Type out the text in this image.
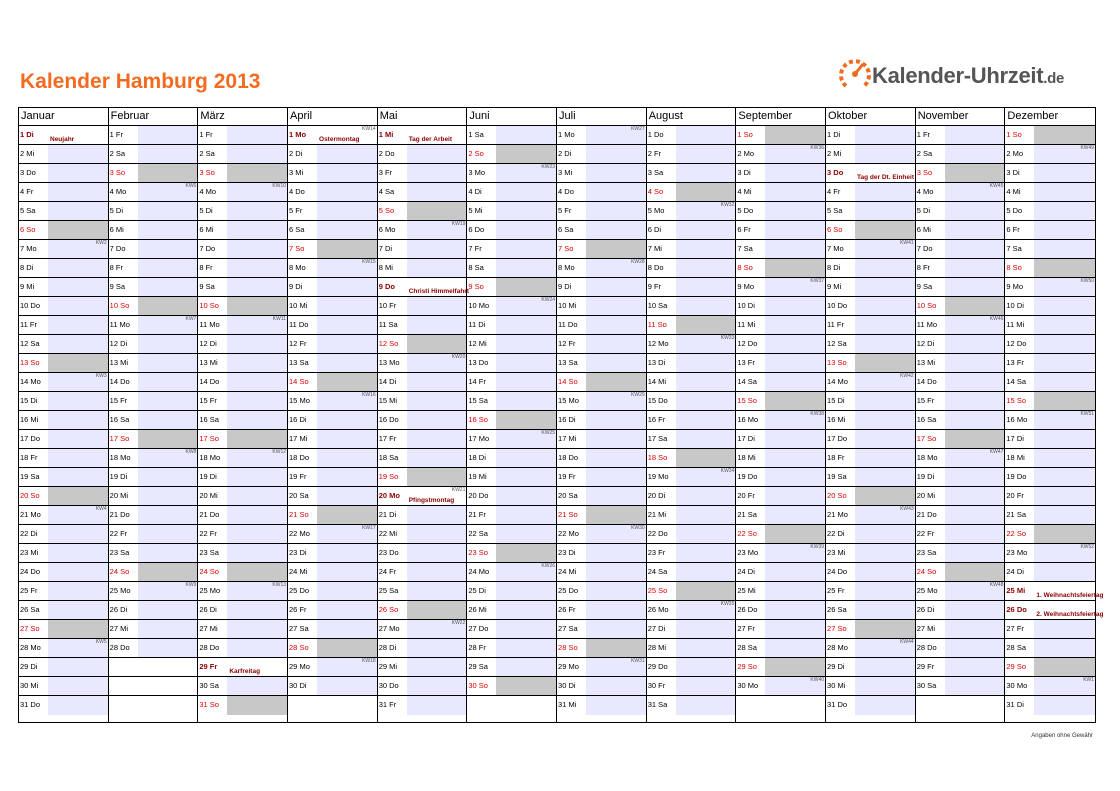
Kalender Hamburg 2013	Kalender-Uhrzeit.de
Januar
1 Di
Neujahr
2 Mi
3 Do
4 Fr
5 Sa
6 So
7 Mo
KW2
8 Di
9 Mi
10 Do
11 Fr
12 Sa
13 So
14 Mo
KW3
15 Di
16 Mi
17 Do
18 Fr
19 Sa
20 So
21 Mo
KW4
22 Di
23 Mi
24 Do
25 Fr
26 Sa
27 So
28 Mo
KW5
29 Di
30 Mi
31 Do
Februar
1 Fr
2 Sa
3 So
4 Mo
KW6
5 Di
6 Mi
7 Do
8 Fr
9 Sa
10 So
11 Mo
KW7
12 Di
13 Mi
14 Do
15 Fr
16 Sa
17 So
18 Mo
KW8
19 Di
20 Mi
21 Do
22 Fr
23 Sa
24 So
25 Mo
KW9
26 Di
27 Mi
28 Do
März
1 Fr
2 Sa
3 So
4 Mo
KW10
5 Di
6 Mi
7 Do
8 Fr
9 Sa
10 So
11 Mo
KW11
12 Di
13 Mi
14 Do
15 Fr
16 Sa
17 So
18 Mo
KW12
19 Di
20 Mi
21 Do
22 Fr
23 Sa
24 So
25 Mo
KW13
26 Di
27 Mi
28 Do
29 Fr
Karfreitag
30 Sa
31 So
April
1 Mo
Ostermontag
KW14
2 Di
3 Mi
4 Do
5 Fr
6 Sa
7 So
8 Mo
KW15
9 Di
10 Mi
11 Do
12 Fr
13 Sa
14 So
15 Mo
KW16
16 Di
17 Mi
18 Do
19 Fr
20 Sa
21 So
22 Mo
KW17
23 Di
24 Mi
25 Do
26 Fr
27 Sa
28 So
29 Mo
KW18
30 Di
Mai
1 Mi
Tag der Arbeit
2 Do
3 Fr
4 Sa
5 So
6 Mo
KW19
7 Di
8 Mi
9 Do
Christi Himmelfahrt
10 Fr
11 Sa
12 So
13 Mo
KW20
14 Di
15 Mi
16 Do
17 Fr
18 Sa
19 So
20 Mo
Pfingstmontag
KW21
21 Di
22 Mi
23 Do
24 Fr
25 Sa
26 So
27 Mo
KW22
28 Di
29 Mi
30 Do
31 Fr
Juni
1 Sa
2 So
3 Mo
KW23
4 Di
5 Mi
6 Do
7 Fr
8 Sa
9 So
10 Mo
KW24
11 Di
12 Mi
13 Do
14 Fr
15 Sa
16 So
17 Mo
KW25
18 Di
19 Mi
20 Do
21 Fr
22 Sa
23 So
24 Mo
KW26
25 Di
26 Mi
27 Do
28 Fr
29 Sa
30 So
Juli
1 Mo
KW27
2 Di
3 Mi
4 Do
5 Fr
6 Sa
7 So
8 Mo
KW28
9 Di
10 Mi
11 Do
12 Fr
13 Sa
14 So
15 Mo
KW29
16 Di
17 Mi
18 Do
19 Fr
20 Sa
21 So
22 Mo
KW30
23 Di
24 Mi
25 Do
26 Fr
27 Sa
28 So
29 Mo
KW31
30 Di
31 Mi
August
1 Do
2 Fr
3 Sa
4 So
5 Mo
KW32
6 Di
7 Mi
8 Do
9 Fr
10 Sa
11 So
12 Mo
KW33
13 Di
14 Mi
15 Do
16 Fr
17 Sa
18 So
19 Mo
KW34
20 Di
21 Mi
22 Do
23 Fr
24 Sa
25 So
26 Mo
KW35
27 Di
28 Mi
29 Do
30 Fr
31 Sa
September
1 So
2 Mo
KW36
3 Di
4 Mi
5 Do
6 Fr
7 Sa
8 So
9 Mo
KW37
10 Di
11 Mi
12 Do
13 Fr
14 Sa
15 So
16 Mo
KW38
17 Di
18 Mi
19 Do
20 Fr
21 Sa
22 So
23 Mo
KW39
24 Di
25 Mi
26 Do
27 Fr
28 Sa
29 So
30 Mo
KW40
Oktober
1 Di
2 Mi
3 Do
Tag der Dt. Einheit
4 Fr
5 Sa
6 So
7 Mo
KW41
8 Di
9 Mi
10 Do
11 Fr
12 Sa
13 So
14 Mo
KW42
15 Di
16 Mi
17 Do
18 Fr
19 Sa
20 So
21 Mo
KW43
22 Di
23 Mi
24 Do
25 Fr
26 Sa
27 So
28 Mo
KW44
29 Di
30 Mi
31 Do
November
1 Fr
2 Sa
3 So
4 Mo
KW45
5 Di
6 Mi
7 Do
8 Fr
9 Sa
10 So
11 Mo
KW46
12 Di
13 Mi
14 Do
15 Fr
16 Sa
17 So
18 Mo
KW47
19 Di
20 Mi
21 Do
22 Fr
23 Sa
24 So
25 Mo
KW48
26 Di
27 Mi
28 Do
29 Fr
30 Sa
Dezember
1 So
2 Mo
KW49
3 Di
4 Mi
5 Do
6 Fr
7 Sa
8 So
9 Mo
KW50
10 Di
11 Mi
12 Do
13 Fr
14 Sa
15 So
16 Mo
KW51
17 Di
18 Mi
19 Do
20 Fr
21 Sa
22 So
23 Mo
KW52
24 Di
25 Mi
1. Weihnachtsfeiertag
26 Do
2. Weihnachtsfeiertag
27 Fr
28 Sa
29 So
30 Mo
KW1
31 Di
Angaben ohne Gewähr
